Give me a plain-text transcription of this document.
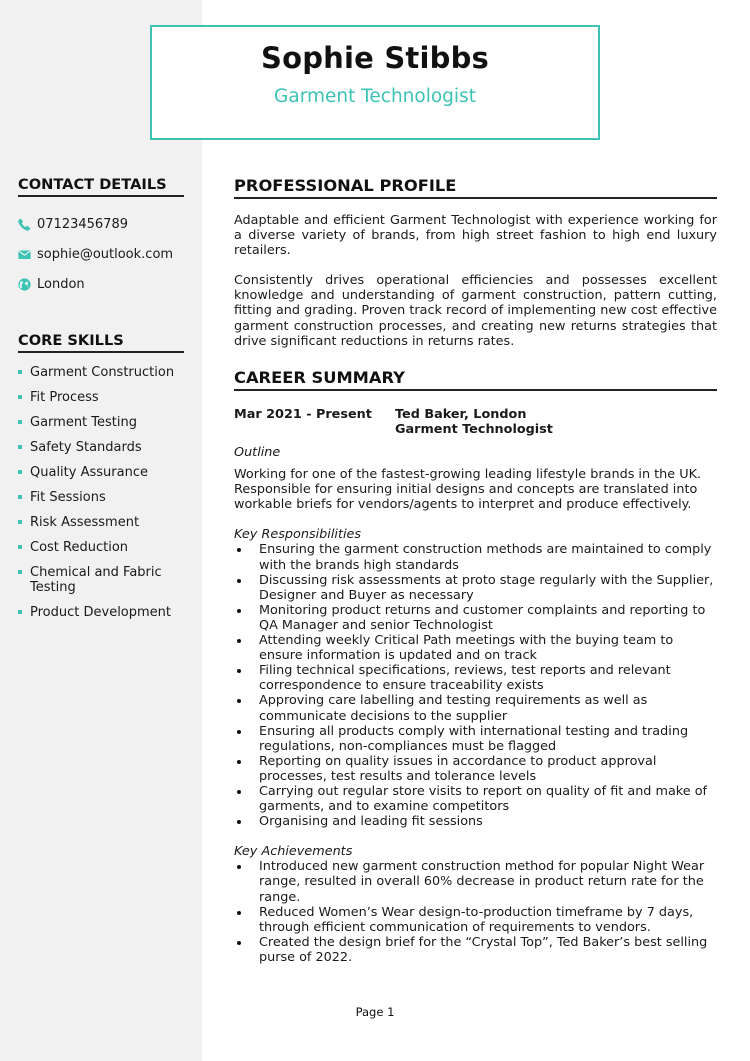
Sophie Stibbs
Garment Technologist
CONTACT DETAILS
07123456789
sophie@outlook.com
London
CORE SKILLS
Garment Construction
Fit Process
Garment Testing
Safety Standards
Quality Assurance
Fit Sessions
Risk Assessment
Cost Reduction
Chemical and Fabric Testing
Product Development
PROFESSIONAL PROFILE

Adaptable and efficient Garment Technologist with experience working for a diverse variety of brands, from high street fashion to high end luxury retailers.

Consistently drives operational efficiencies and possesses excellent knowledge and understanding of garment construction, pattern cutting, fitting and grading. Proven track record of implementing new cost effective garment construction processes, and creating new returns strategies that drive significant reductions in returns rates.

CAREER SUMMARY
Mar 2021 - Present Ted Baker, London
Garment Technologist

Outline

Working for one of the fastest-growing leading lifestyle brands in the UK. Responsible for ensuring initial designs and concepts are translated into workable briefs for vendors/agents to interpret and produce effectively.

Key Responsibilities

Ensuring the garment construction methods are maintained to comply with the brands high standards
Discussing risk assessments at proto stage regularly with the Supplier, Designer and Buyer as necessary
Monitoring product returns and customer complaints and reporting to QA Manager and senior Technologist
Attending weekly Critical Path meetings with the buying team to ensure information is updated and on track
Filing technical specifications, reviews, test reports and relevant correspondence to ensure traceability exists
Approving care labelling and testing requirements as well as communicate decisions to the supplier
Ensuring all products comply with international testing and trading regulations, non-compliances must be flagged
Reporting on quality issues in accordance to product approval processes, test results and tolerance levels
Carrying out regular store visits to report on quality of fit and make of garments, and to examine competitors
Organising and leading fit sessions

Key Achievements

Introduced new garment construction method for popular Night Wear range, resulted in overall 60% decrease in product return rate for the range.
Reduced Women’s Wear design-to-production timeframe by 7 days, through efficient communication of requirements to vendors.
Created the design brief for the “Crystal Top”, Ted Baker’s best selling purse of 2022.
Page 1
